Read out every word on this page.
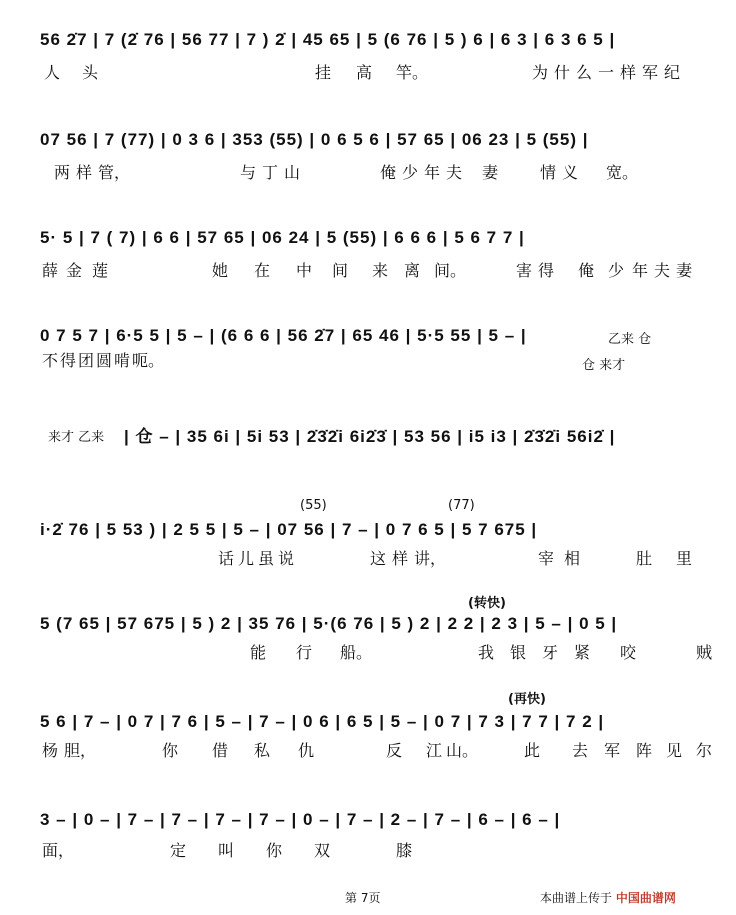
56 2̇7 | 7 (2̇ 76 | 56 77 | 7 ) 2̇ | 45 65 | 5 (6 76 | 5 ) 6 | 6 3 | 6 3 6 5 |
人 头	挂 高 竿。	为 什 么 一 样 军 纪
07 56 | 7 (77) | 0 3 6 | 353 (55) | 0 6 5 6 | 57 65 | 06 23 | 5 (55) |
两 样 管，	与 丁 山	俺 少 年 夫 妻	情 义 宽。
5· 5 | 7 ( 7) | 6 6 | 57 65 | 06 24 | 5 (55) | 6 6 6 | 5 6 7 7 |
薛 金 莲	她 在 中 间 来 离 间。	害 得 俺 少 年 夫 妻
0 7 5 7 | 6·5 5 | 5 – | (6 6 6 | 56 2̇7 | 65 46 | 5·5 55 | 5 – |	乙来 仓
不 得 团 圆 啃 呃。	仓 来才
来才 乙来 | 仓 – | 35 6i | 5i 53 | 2̇3̇2̇i 6i2̇3̇ | 53 56 | i5 i3 | 2̇3̇2̇i 56i2̇ |
(55)	(77)
i·2̇ 76 | 5 53 ) | 2 5 5 | 5 – | 07 56 | 7 – | 0 7 6 5 | 5 7 675 |
话 儿 虽 说	这 样 讲，	宰 相	肚 里
(转快)
5 (7 65 | 57 675 | 5 ) 2 | 35 76 | 5·(6 76 | 5 ) 2 | 2 2 | 2 3 | 5 – | 0 5 |
能 行 船。	我 银 牙 紧 咬	贼
(再快)
5 6 | 7 – | 0 7 | 7 6 | 5 – | 7 – | 0 6 | 6 5 | 5 – | 0 7 | 7 3 | 7 7 | 7 2 |
杨 胆，	你 借 私 仇	反 江 山。	此 去 军 阵 见 尔
3 – | 0 – | 7 – | 7 – | 7 – | 7 – | 0 – | 7 – | 2 – | 7 – | 6 – | 6 – |
面，	定 叫 你 双	膝
第 7页	本曲谱上传于 中国曲谱网
